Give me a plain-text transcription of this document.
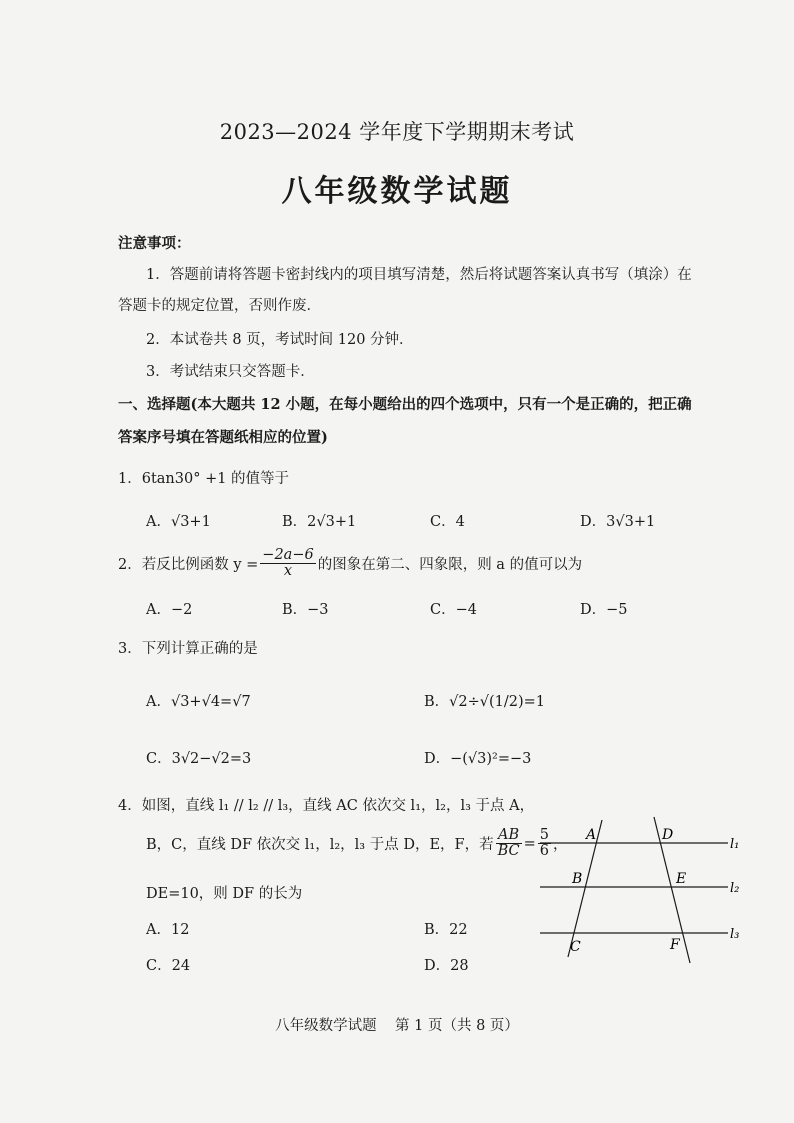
2023—2024 学年度下学期期末考试
八年级数学试题
注意事项：
1．答题前请将答题卡密封线内的项目填写清楚，然后将试题答案认真书写（填涂）在
答题卡的规定位置，否则作废．
2．本试卷共 8 页，考试时间 120 分钟．
3．考试结束只交答题卡．
一、选择题(本大题共 12 小题，在每小题给出的四个选项中，只有一个是正确的，把正确
答案序号填在答题纸相应的位置)
1．6tan30° +1 的值等于
A．√3+1	B．2√3+1	C．4	D．3√3+1
2．若反比例函数 $y = \frac{-2a-6}{x}$ 的图象在第二、四象限，则 a 的值可以为
A．−2	B．−3	C．−4	D．−5
3．下列计算正确的是
A．√3+√4=√7	B．√2÷√(1/2)=1
C．3√2−√2=3	D．−(√3)²=−3
4．如图，直线 l₁ // l₂ // l₃，直线 AC 依次交 l₁，l₂，l₃ 于点 A，
B，C，直线 DF 依次交 l₁，l₂，l₃ 于点 D，E，F，若 $\frac{AB}{BC} = \frac{5}{6}$ ，
DE=10，则 DF 的长为
A．12	B．22
C．24	D．28
A	D
B	E
C	F
l₁
l₂
l₃
八年级数学试题    第 1 页（共 8 页）
